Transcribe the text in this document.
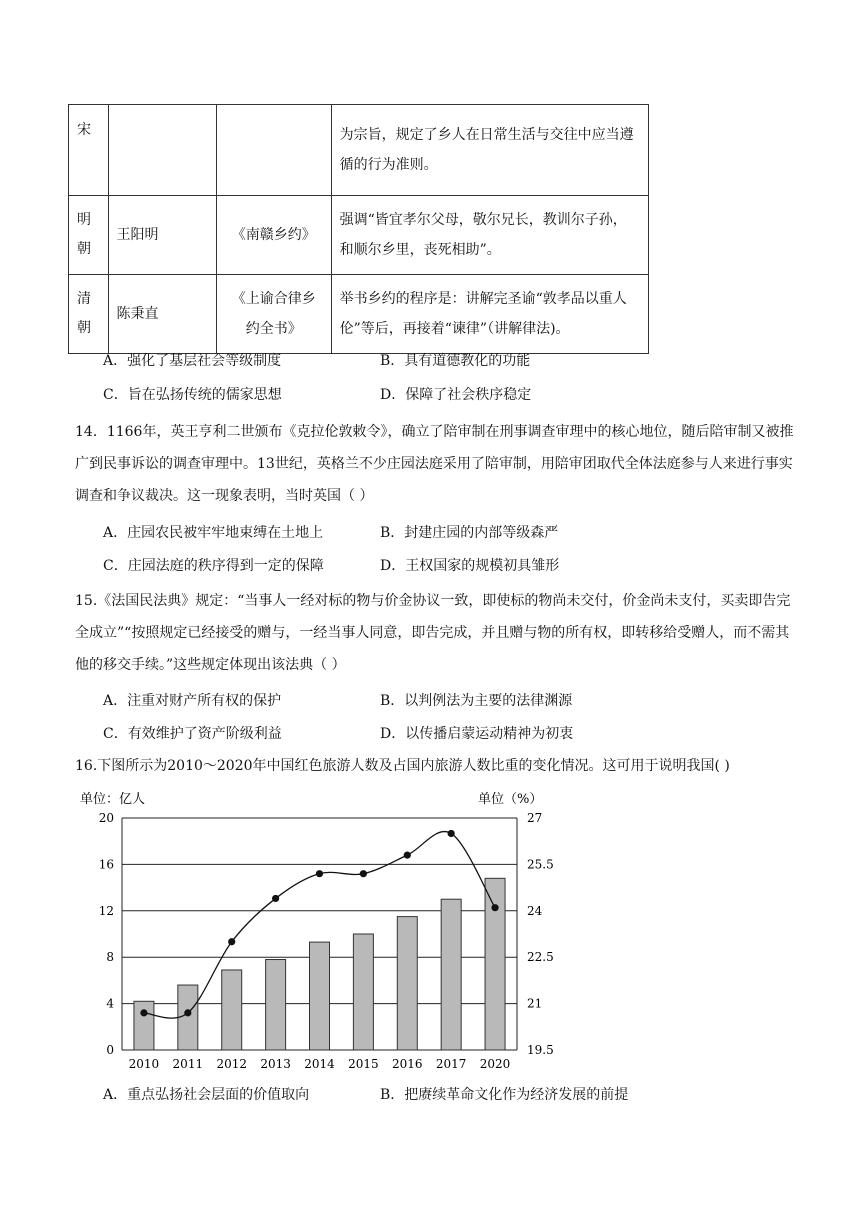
宋			为宗旨，规定了乡人在日常生活与交往中应当遵循的行为准则。
明朝	王阳明	《南赣乡约》	强调“皆宜孝尔父母，敬尔兄长，教训尔子孙，和顺尔乡里，丧死相助”。
清朝	陈秉直	《上谕合律乡约全书》	举书乡约的程序是：讲解完圣谕“敦孝品以重人伦”等后，再接着“谏律”（讲解律法)。
A．强化了基层社会等级制度	B．具有道德教化的功能
C．旨在弘扬传统的儒家思想	D．保障了社会秩序稳定
14．1166年，英王亨利二世颁布《克拉伦敦敕令》，确立了陪审制在刑事调查审理中的核心地位，随后陪审制又被推广到民事诉讼的调查审理中。13世纪，英格兰不少庄园法庭采用了陪审制，用陪审团取代全体法庭参与人来进行事实调查和争议裁决。这一现象表明，当时英国（ ）
A．庄园农民被牢牢地束缚在土地上	B．封建庄园的内部等级森严
C．庄园法庭的秩序得到一定的保障	D．王权国家的规模初具雏形
15.《法国民法典》规定：“当事人一经对标的物与价金协议一致，即使标的物尚未交付，价金尚未支付，买卖即告完全成立”“按照规定已经接受的赠与，一经当事人同意，即告完成，并且赠与物的所有权，即转移给受赠人，而不需其他的移交手续。”这些规定体现出该法典（ ）
A．注重对财产所有权的保护	B．以判例法为主要的法律渊源
C．有效维护了资产阶级利益	D．以传播启蒙运动精神为初衷
16.下图所示为2010～2020年中国红色旅游人数及占国内旅游人数比重的变化情况。这可用于说明我国( )
单位：亿人	单位（%）
0	19.5
4	21
8	22.5
12	24
16	25.5
20	27
2010 2011 2012 2013 2014 2015 2016 2017 2020
A．重点弘扬社会层面的价值取向	B．把赓续革命文化作为经济发展的前提
